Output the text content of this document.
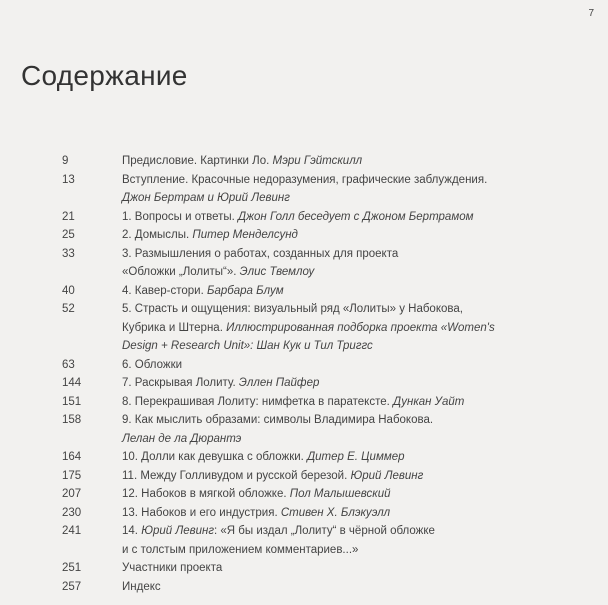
7
Содержание
9	Предисловие. Картинки Ло. Мэри Гэйтскилл
13	Вступление. Красочные недоразумения, графические заблуждения.
Джон Бертрам и Юрий Левинг
21	1. Вопросы и ответы. Джон Голл беседует с Джоном Бертрамом
25	2. Домыслы. Питер Менделсунд
33	3. Размышления о работах, созданных для проекта
«Обложки „Лолиты“». Элис Твемлоу
40	4. Кавер-стори. Барбара Блум
52	5. Страсть и ощущения: визуальный ряд «Лолиты» у Набокова,
Кубрика и Штерна. Иллюстрированная подборка проекта «Women's
Design + Research Unit»: Шан Кук и Тил Триггс
63	6. Обложки
144	7. Раскрывая Лолиту. Эллен Пайфер
151	8. Перекрашивая Лолиту: нимфетка в паратексте. Дункан Уайт
158	9. Как мыслить образами: символы Владимира Набокова.
Лелан де ла Дюрантэ
164	10. Долли как девушка с обложки. Дитер Е. Циммер
175	11. Между Голливудом и русской березой. Юрий Левинг
207	12. Набоков в мягкой обложке. Пол Малышевский
230	13. Набоков и его индустрия. Стивен Х. Блэкуэлл
241	14. Юрий Левинг: «Я бы издал „Лолиту“ в чёрной обложке
и с толстым приложением комментариев...»
251	Участники проекта
257	Индекс
